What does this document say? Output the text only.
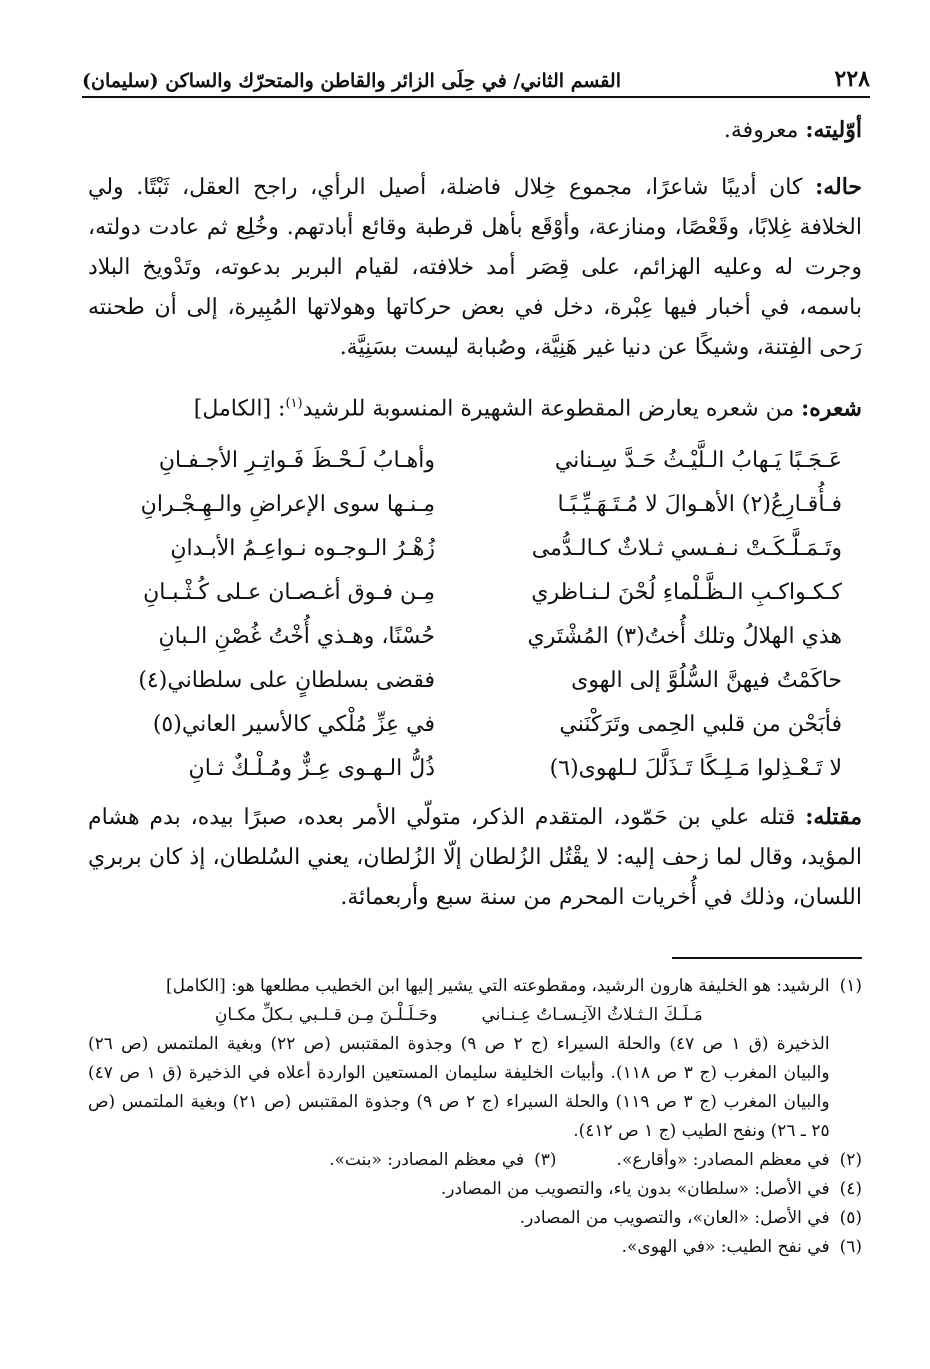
٢٢٨
القسم الثاني/ في حِلَى الزائر والقاطن والمتحرّك والساكن (سليمان)

أوّليته: معروفة.

حاله: كان أديبًا شاعرًا، مجموع خِلال فاضلة، أصيل الرأي، راجح العقل، ثَبْتًا. ولي الخلافة غِلابًا، وقَعْصًا، ومنازعة، وأوْقَع بأهل قرطبة وقائع أبادتهم. وخُلِع ثم عادت دولته، وجرت له وعليه الهزائم، على قِصَر أمد خلافته، لقيام البربر بدعوته، وتَدْويخ البلاد باسمه، في أخبار فيها عِبْرة، دخل في بعض حركاتها وهولاتها المُبِيرة، إلى أن طحنته رَحى الفِتنة، وشيكًا عن دنيا غير هَنِيَّة، وصُبابة ليست بسَنِيَّة.

شعره: من شعره يعارض المقطوعة الشهيرة المنسوبة للرشيد$^{(١)}$: [الكامل]

عَـجَـبًا يَـهابُ الـلَّيْـثُ حَـدَّ سِـناني
وأهـابُ لَـحْـظَ فَـواتِـرِ الأجـفـانِ
فـأُقـارِعُ(٢) الأهـوالَ لا مُـتَـهَـيِّـبًـا
مِـنـها سوى الإعراضِ والـهِـجْـرانِ
وتَـمَـلَّـكَـتْ نـفـسي ثـلاثٌ كـالـدُّمى
زُهْـرُ الـوجـوه نـواعِـمُ الأبـدانِ
كـكـواكـبِ الـظَّـلْماءِ لُحْنَ لـنـاظري
مِـن فـوق أغـصـان عـلى كُـثْـبـانِ
هذي الهلالُ وتلك أُختُ(٣) المُشْتَري
حُسْنًا، وهـذي أُخْتُ غُصْنِ الـبانِ
حاكَمْتُ فيهنَّ السُّلُوَّ إلى الهوى
فقضى بسلطانٍ على سلطاني(٤)
فأبَحْن من قلبي الحِمى وتَرَكْنَني
في عِزِّ مُلْكي كالأسير العاني(٥)
لا تَـعْـذِلوا مَـلِـكًا تَـذَلَّلَ لـلهوى(٦)
ذُلُّ الـهـوى عِـزٌّ ومُـلْـكٌ ثـانِ

مقتله: قتله علي بن حَمّود، المتقدم الذكر، متولّي الأمر بعده، صبرًا بيده، بدم هشام المؤيد، وقال لما زحف إليه: لا يقْتُل الزُلطان إلّا الزُلطان، يعني السُلطان، إذ كان بربري اللسان، وذلك في أُخريات المحرم من سنة سبع وأربعمائة.

(١)

الرشيد: هو الخليفة هارون الرشيد، ومقطوعته التي يشير إليها ابن الخطيب مطلعها هو: [الكامل]

مَـلَـكَ الـثـلاثُ الآنِـسـاتُ عِـنـاني
وحَـلَـلْـنَ مِـن قـلـبي بـكلِّ مكـانِ

الذخيرة (ق ١ ص ٤٧) والحلة السيراء (ج ٢ ص ٩) وجذوة المقتبس (ص ٢٢) وبغية الملتمس (ص ٢٦) والبيان المغرب (ج ٣ ص ١١٨). وأبيات الخليفة سليمان المستعين الواردة أعلاه في الذخيرة (ق ١ ص ٤٧) والبيان المغرب (ج ٣ ص ١١٩) والحلة السيراء (ج ٢ ص ٩) وجذوة المقتبس (ص ٢١) وبغية الملتمس (ص ٢٥ ـ ٢٦) ونفح الطيب (ج ١ ص ٤١٢).

(٢)
في معظم المصادر: «وأقارع».
(٣)
في معظم المصادر: «بنت».
(٤)
في الأصل: «سلطان» بدون ياء، والتصويب من المصادر.
(٥)
في الأصل: «العان»، والتصويب من المصادر.
(٦)
في نفح الطيب: «في الهوى».
